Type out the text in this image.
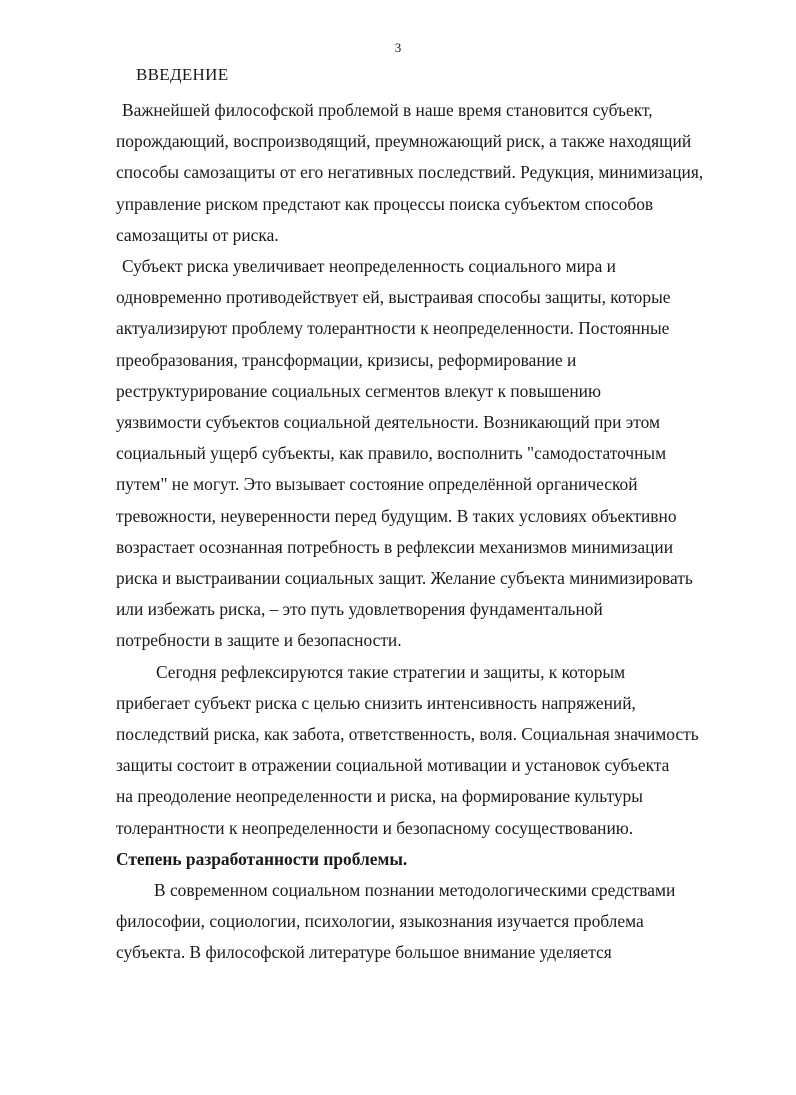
3
ВВЕДЕНИЕ
Важнейшей философской проблемой в наше время становится субъект,
порождающий, воспроизводящий, преумножающий риск, а также находящий
способы самозащиты от его негативных последствий. Редукция, минимизация,
управление риском предстают как процессы поиска субъектом способов
самозащиты от риска.
Субъект риска увеличивает неопределенность социального мира и
одновременно противодействует ей, выстраивая способы защиты, которые
актуализируют проблему толерантности к неопределенности. Постоянные
преобразования, трансформации, кризисы, реформирование и
реструктурирование социальных сегментов влекут к повышению
уязвимости субъектов социальной деятельности. Возникающий при этом
социальный ущерб субъекты, как правило, восполнить "самодостаточным
путем" не могут. Это вызывает состояние определённой органической
тревожности, неуверенности перед будущим. В таких условиях объективно
возрастает осознанная потребность в рефлексии механизмов минимизации
риска и выстраивании социальных защит. Желание субъекта минимизировать
или избежать риска, – это путь удовлетворения фундаментальной
потребности в защите и безопасности.
Сегодня рефлексируются такие стратегии и защиты, к которым
прибегает субъект риска с целью снизить интенсивность напряжений,
последствий риска, как забота, ответственность, воля. Социальная значимость
защиты состоит в отражении социальной мотивации и установок субъекта
на преодоление неопределенности и риска, на формирование культуры
толерантности к неопределенности и безопасному сосуществованию.
Степень разработанности проблемы.
В современном социальном познании методологическими средствами
философии, социологии, психологии, языкознания изучается проблема
субъекта. В философской литературе большое внимание уделяется
